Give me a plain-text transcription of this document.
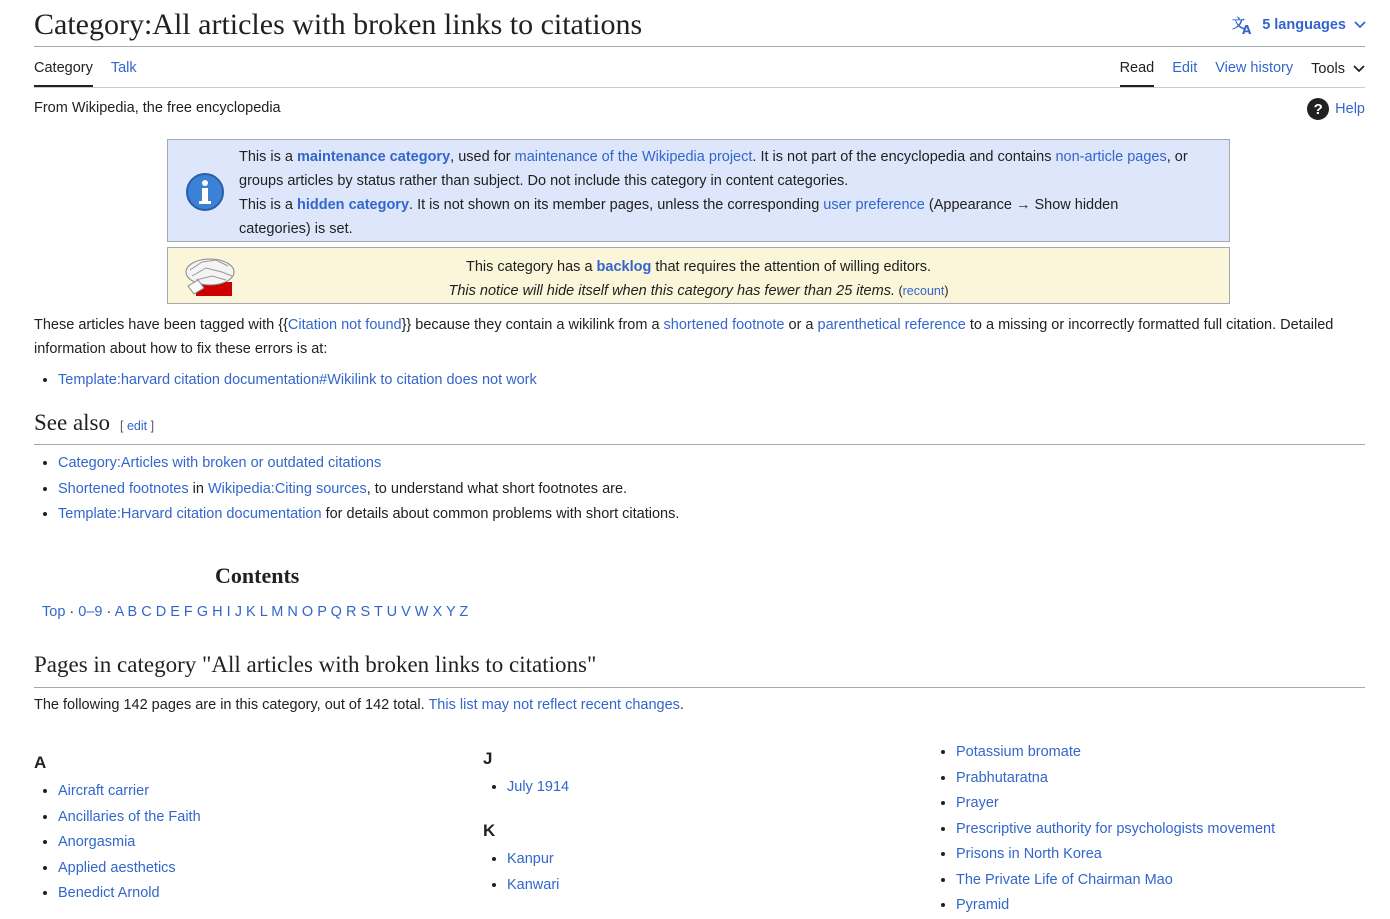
Category:All articles with broken links to citations	文
A 5 languages
Category Talk	Read Edit View history Tools
From Wikipedia, the free encyclopedia	? Help
This is a maintenance category, used for maintenance of the Wikipedia project. It is not part of the encyclopedia and contains non-article pages, or groups articles by status rather than subject. Do not include this category in content categories.
This is a hidden category. It is not shown on its member pages, unless the corresponding user preference (Appearance → Show hidden categories) is set.
This category has a backlog that requires the attention of willing editors.
This notice will hide itself when this category has fewer than 25 items. (recount)
These articles have been tagged with {{Citation not found}} because they contain a wikilink from a shortened footnote or a parenthetical reference to a missing or incorrectly formatted full citation. Detailed information about how to fix these errors is at:
• Template:harvard citation documentation#Wikilink to citation does not work
See also [ edit ]
• Category:Articles with broken or outdated citations
• Shortened footnotes in Wikipedia:Citing sources, to understand what short footnotes are.
• Template:Harvard citation documentation for details about common problems with short citations.
Contents
Top · 0–9 · A B C D E F G H I J K L M N O P Q R S T U V W X Y Z
Pages in category "All articles with broken links to citations"
The following 142 pages are in this category, out of 142 total. This list may not reflect recent changes.
A
• Aircraft carrier
• Ancillaries of the Faith
• Anorgasmia
• Applied aesthetics
• Benedict Arnold
J
• July 1914
K
• Kanpur
• Kanwari
• Potassium bromate
• Prabhutaratna
• Prayer
• Prescriptive authority for psychologists movement
• Prisons in North Korea
• The Private Life of Chairman Mao
• Pyramid
